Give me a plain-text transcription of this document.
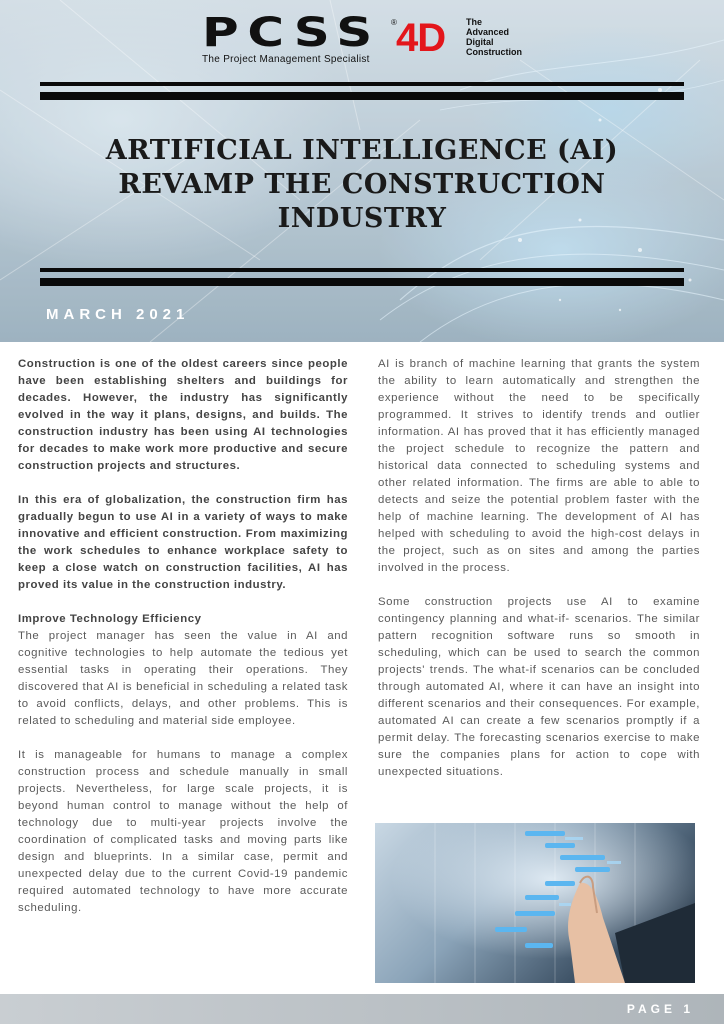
PCSS ®
The Project Management Specialist 4D The
Advanced
Digital
Construction
ARTIFICIAL INTELLIGENCE (AI)
REVAMP THE CONSTRUCTION
INDUSTRY
MARCH 2021

Construction is one of the oldest careers since people have been establishing shelters and buildings for decades. However, the industry has significantly evolved in the way it plans, designs, and builds. The construction industry has been using AI technologies for decades to make work more productive and secure construction projects and structures.

In this era of globalization, the construction firm has gradually begun to use AI in a variety of ways to make innovative and efficient construction. From maximizing the work schedules to enhance workplace safety to keep a close watch on construction facilities, AI has proved its value in the construction industry.

Improve Technology Efficiency

The project manager has seen the value in AI and cognitive technologies to help automate the tedious yet essential tasks in operating their operations. They discovered that AI is beneficial in scheduling a related task to avoid conflicts, delays, and other problems. This is related to scheduling and material side employee.

It is manageable for humans to manage a complex construction process and schedule manually in small projects. Nevertheless, for large scale projects, it is beyond human control to manage without the help of technology due to multi-year projects involve the coordination of complicated tasks and moving parts like design and blueprints. In a similar case, permit and unexpected delay due to the current Covid-19 pandemic required automated technology to have more accurate scheduling.

AI is branch of machine learning that grants the system the ability to learn automatically and strengthen the experience without the need to be specifically programmed. It strives to identify trends and outlier information. AI has proved that it has efficiently managed the project schedule to recognize the pattern and historical data connected to scheduling systems and other related information. The firms are able to able to detects and seize the potential problem faster with the help of machine learning. The development of AI has helped with scheduling to avoid the high-cost delays in the project, such as on sites and among the parties involved in the process.

Some construction projects use AI to examine contingency planning and what-if- scenarios. The similar pattern recognition software runs so smooth in scheduling, which can be used to search the common projects' trends. The what-if scenarios can be concluded through automated AI, where it can have an insight into different scenarios and their consequences. For example, automated AI can create a few scenarios promptly if a permit delay. The forecasting scenarios exercise to make sure the companies plans for action to cope with unexpected situations.

PAGE 1
